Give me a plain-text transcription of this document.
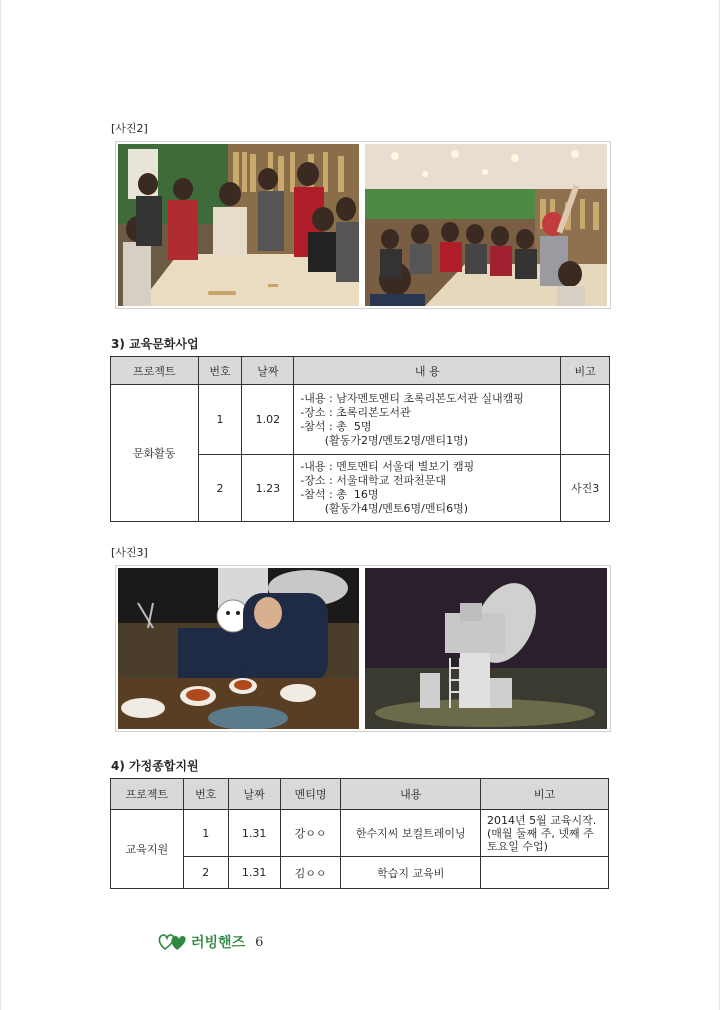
[사진2]
3) 교육문화사업
프로젝트	번호	날짜	내 용	비고
문화활동	1	1.02	-내용 : 남자멘토멘티 초록리본도서관 실내캠핑
-장소 : 초록리본도서관
-참석 : 총  5명
(활동가2명/멘토2명/멘티1명)	

	2	1.23	-내용 : 멘토멘티 서울대 별보기 캠핑
-장소 : 서울대학교 전파천문대
-참석 : 총  16명
(활동가4명/멘토6명/멘티6명)	사진3
[사진3]
4) 가정종합지원
프로젝트	번호	날짜	멘티명	내용	비고
교육지원	1	1.31	강ㅇㅇ	한수지씨 보컬트레이닝	2014년 5월 교육시작.
(매월 둘째 주, 넷째 주
토요일 수업)

	2	1.31	김ㅇㅇ	학습지 교육비	
러빙핸즈 6
